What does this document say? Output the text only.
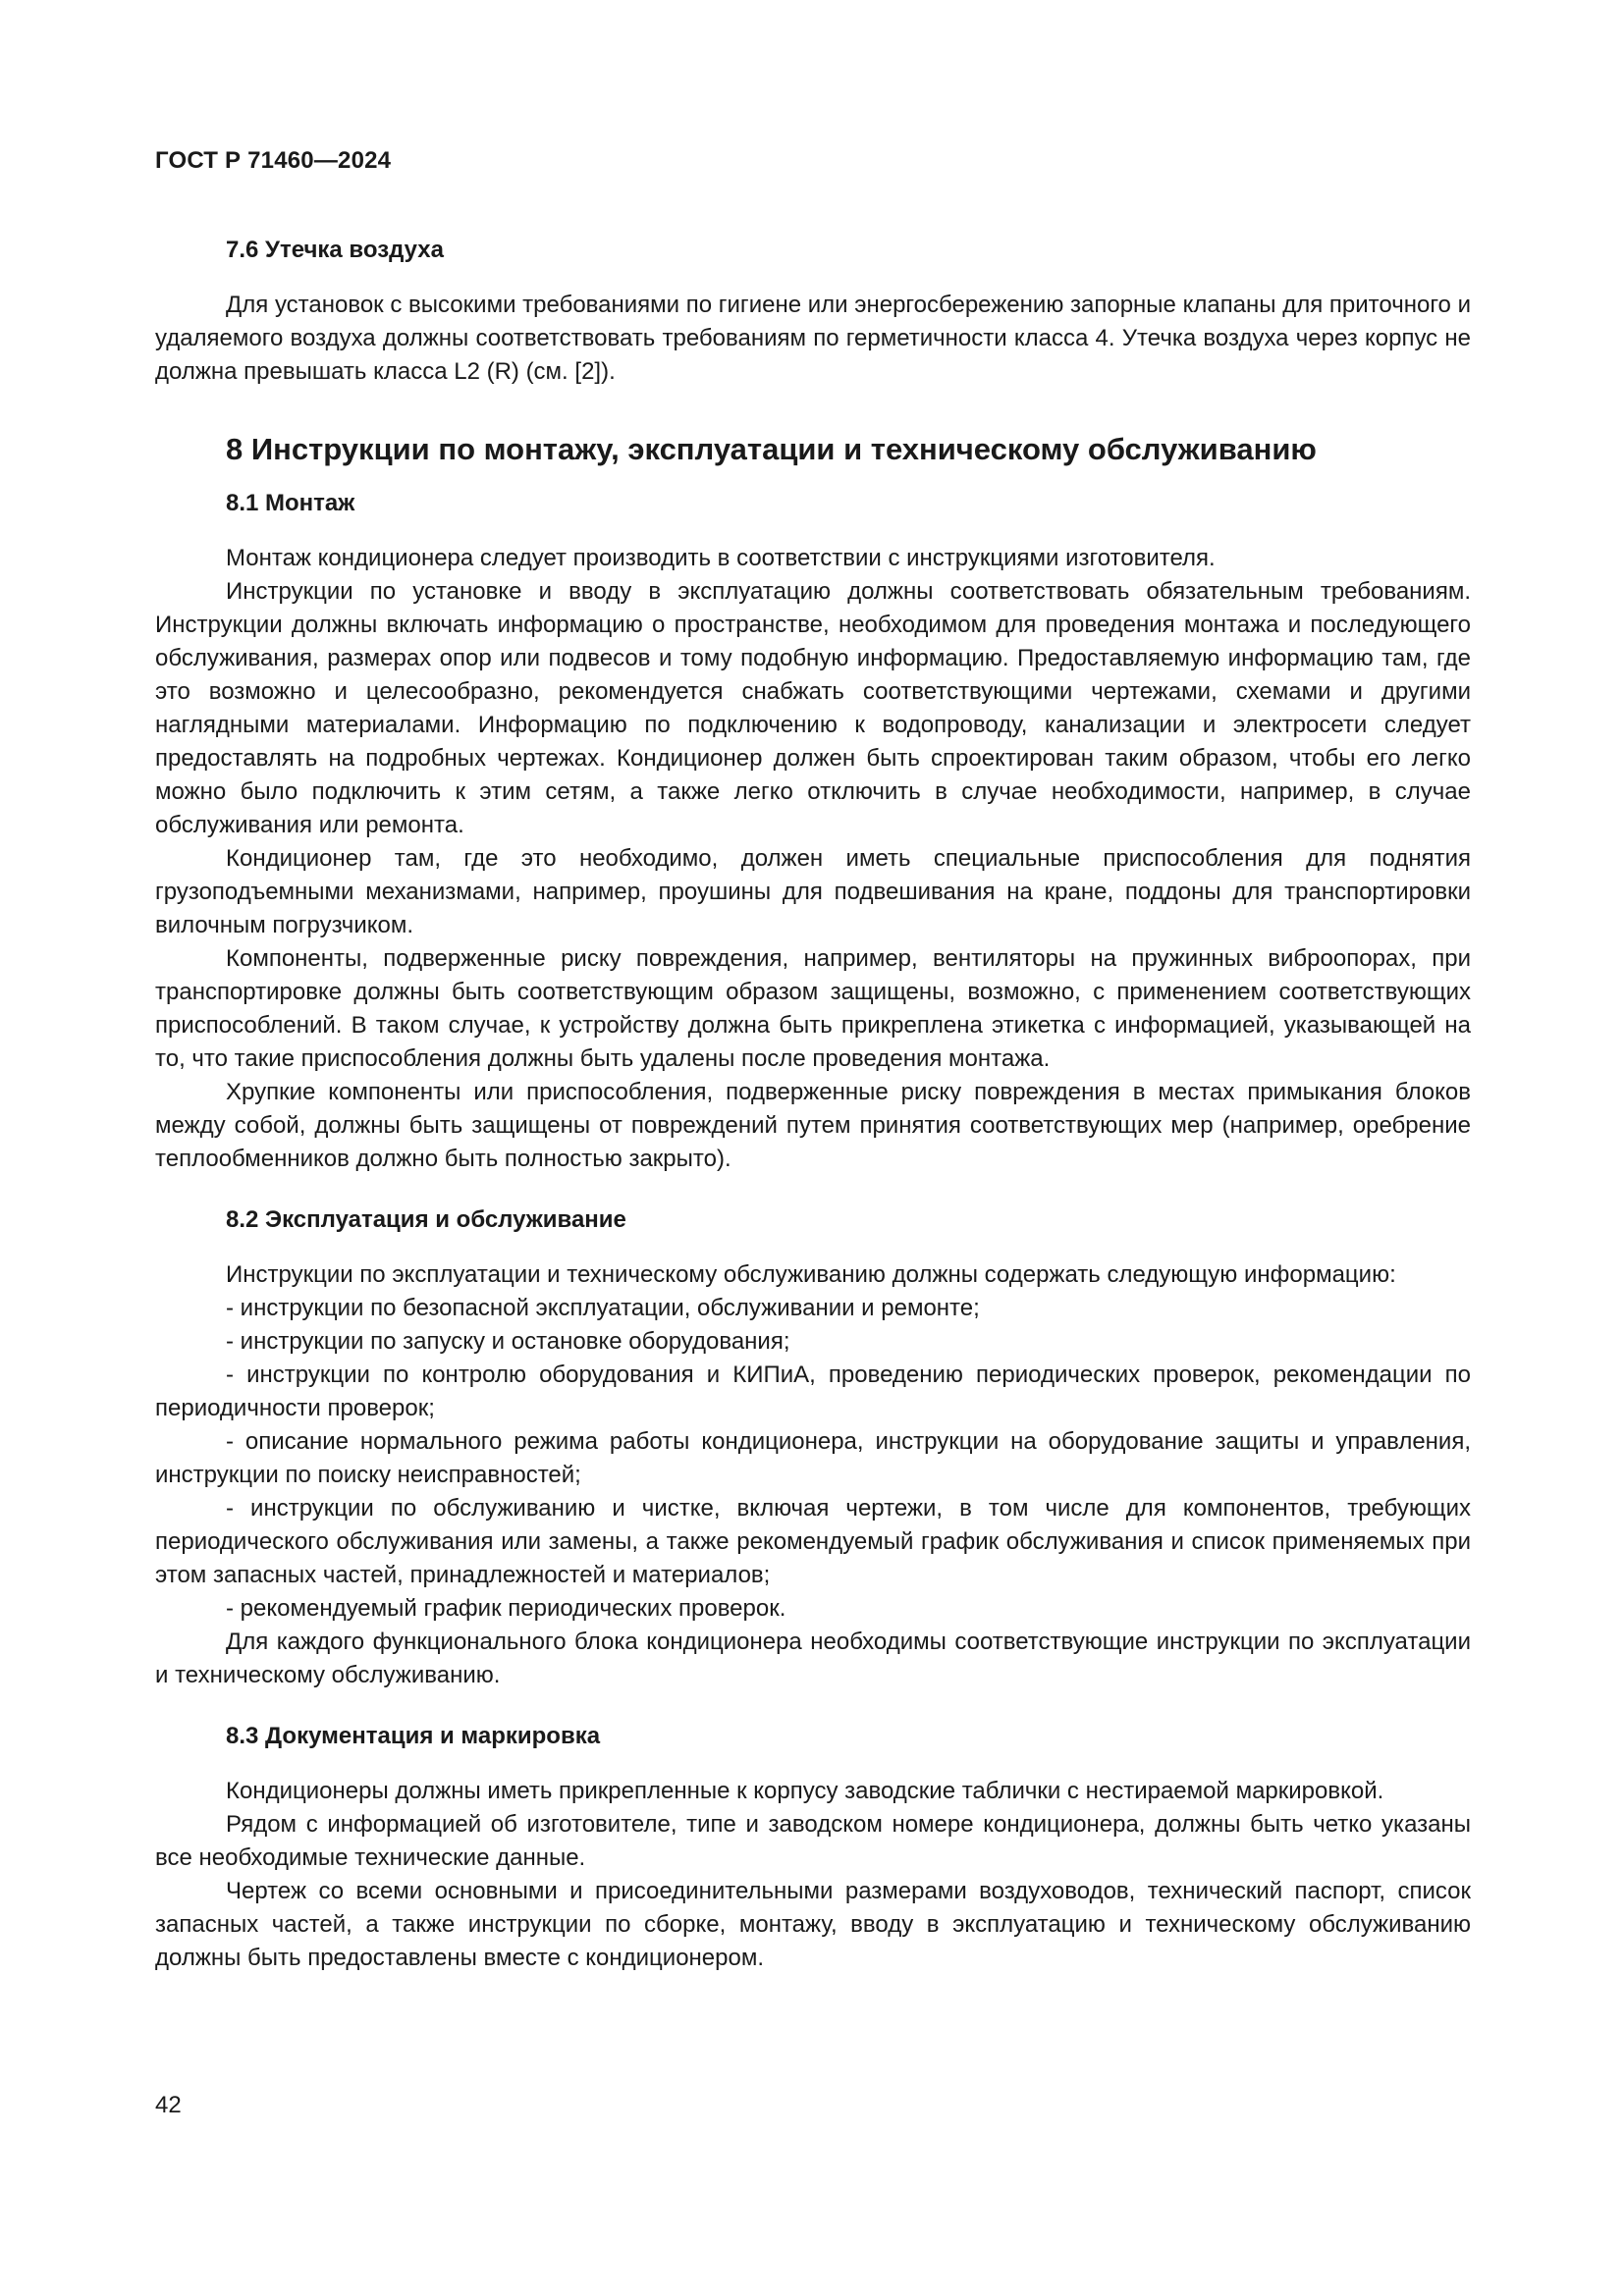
ГОСТ Р 71460—2024
7.6 Утечка воздуха

Для установок с высокими требованиями по гигиене или энергосбережению запорные клапаны для приточного и удаляемого воздуха должны соответствовать требованиям по герметичности класса 4. Утечка воздуха через корпус не должна превышать класса L2 (R) (см. [2]).

8 Инструкции по монтажу, эксплуатации и техническому обслуживанию
8.1 Монтаж

Монтаж кондиционера следует производить в соответствии с инструкциями изготовителя.

Инструкции по установке и вводу в эксплуатацию должны соответствовать обязательным требованиям. Инструкции должны включать информацию о пространстве, необходимом для проведения монтажа и последующего обслуживания, размерах опор или подвесов и тому подобную информацию. Предоставляемую информацию там, где это возможно и целесообразно, рекомендуется снабжать соответствующими чертежами, схемами и другими наглядными материалами. Информацию по подключению к водопроводу, канализации и электросети следует предоставлять на подробных чертежах. Кондиционер должен быть спроектирован таким образом, чтобы его легко можно было подключить к этим сетям, а также легко отключить в случае необходимости, например, в случае обслуживания или ремонта.

Кондиционер там, где это необходимо, должен иметь специальные приспособления для поднятия грузоподъемными механизмами, например, проушины для подвешивания на кране, поддоны для транспортировки вилочным погрузчиком.

Компоненты, подверженные риску повреждения, например, вентиляторы на пружинных виброопорах, при транспортировке должны быть соответствующим образом защищены, возможно, с применением соответствующих приспособлений. В таком случае, к устройству должна быть прикреплена этикетка с информацией, указывающей на то, что такие приспособления должны быть удалены после проведения монтажа.

Хрупкие компоненты или приспособления, подверженные риску повреждения в местах примыкания блоков между собой, должны быть защищены от повреждений путем принятия соответствующих мер (например, оребрение теплообменников должно быть полностью закрыто).

8.2 Эксплуатация и обслуживание

Инструкции по эксплуатации и техническому обслуживанию должны содержать следующую информацию:

- инструкции по безопасной эксплуатации, обслуживании и ремонте;

- инструкции по запуску и остановке оборудования;

- инструкции по контролю оборудования и КИПиА, проведению периодических проверок, рекомендации по периодичности проверок;

- описание нормального режима работы кондиционера, инструкции на оборудование защиты и управления, инструкции по поиску неисправностей;

- инструкции по обслуживанию и чистке, включая чертежи, в том числе для компонентов, требующих периодического обслуживания или замены, а также рекомендуемый график обслуживания и список применяемых при этом запасных частей, принадлежностей и материалов;

- рекомендуемый график периодических проверок.

Для каждого функционального блока кондиционера необходимы соответствующие инструкции по эксплуатации и техническому обслуживанию.

8.3 Документация и маркировка

Кондиционеры должны иметь прикрепленные к корпусу заводские таблички с нестираемой маркировкой.

Рядом с информацией об изготовителе, типе и заводском номере кондиционера, должны быть четко указаны все необходимые технические данные.

Чертеж со всеми основными и присоединительными размерами воздуховодов, технический паспорт, список запасных частей, а также инструкции по сборке, монтажу, вводу в эксплуатацию и техническому обслуживанию должны быть предоставлены вместе с кондиционером.

42
